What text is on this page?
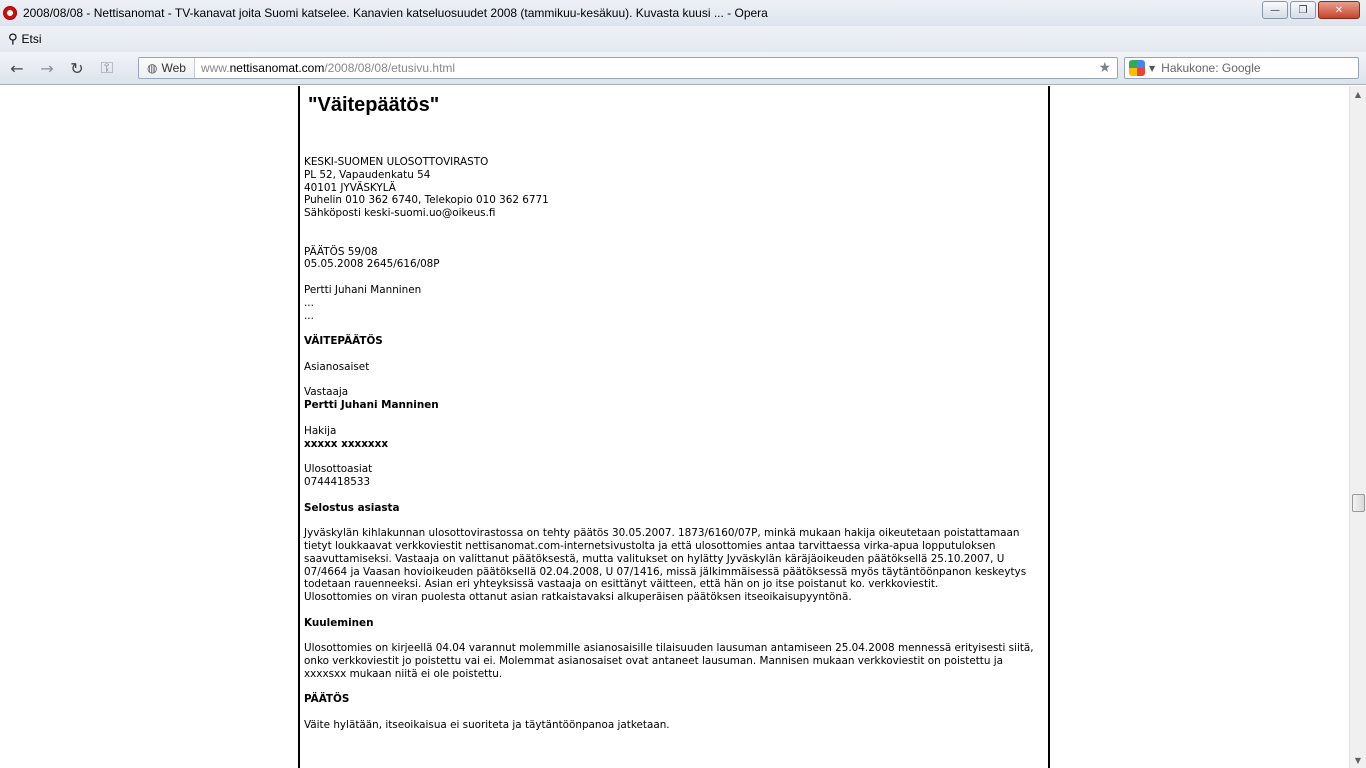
2008/08/08 - Nettisanomat - TV-kanavat joita Suomi katselee. Kanavien katseluosuudet 2008 (tammikuu-kesäkuu). Kuvasta kuusi ... - Opera	—	❐	✕
⚲ Etsi
← → ↻ ⚿	◍ Web	www.nettisanomat.com/2008/08/08/etusivu.html	★	▼ Hakukone: Google
"Väitepäätös"

KESKI-SUOMEN ULOSOTTOVIRASTO
PL 52, Vapaudenkatu 54
40101 JYVÄSKYLÄ
Puhelin 010 362 6740, Telekopio 010 362 6771
Sähköposti keski-suomi.uo@oikeus.fi

PÄÄTÖS 59/08
05.05.2008 2645/616/08P

Pertti Juhani Manninen
...
...

VÄITEPÄÄTÖS

Asianosaiset

Vastaaja
Pertti Juhani Manninen

Hakija
xxxxx xxxxxxx

Ulosottoasiat
0744418533

Selostus asiasta

Jyväskylän kihlakunnan ulosottovirastossa on tehty päätös 30.05.2007. 1873/6160/07P, minkä mukaan hakija oikeutetaan poistattamaan tietyt loukkaavat verkkoviestit nettisanomat.com-internetsivustolta ja että ulosottomies antaa tarvittaessa virka-apua lopputuloksen saavuttamiseksi. Vastaaja on valittanut päätöksestä, mutta valitukset on hylätty Jyväskylän käräjäoikeuden päätöksellä 25.10.2007, U 07/4664 ja Vaasan hovioikeuden päätöksellä 02.04.2008, U 07/1416, missä jälkimmäisessä päätöksessä myös täytäntöönpanon keskeytys todetaan rauenneeksi. Asian eri yhteyksissä vastaaja on esittänyt väitteen, että hän on jo itse poistanut ko. verkkoviestit.
Ulosottomies on viran puolesta ottanut asian ratkaistavaksi alkuperäisen päätöksen itseoikaisupyyntönä.

Kuuleminen

Ulosottomies on kirjeellä 04.04 varannut molemmille asianosaisille tilaisuuden lausuman antamiseen 25.04.2008 mennessä erityisesti siitä, onko verkkoviestit jo poistettu vai ei. Molemmat asianosaiset ovat antaneet lausuman. Mannisen mukaan verkkoviestit on poistettu ja xxxxsxx mukaan niitä ei ole poistettu.

PÄÄTÖS

Väite hylätään, itseoikaisua ei suoriteta ja täytäntöönpanoa jatketaan.

▲
▼
